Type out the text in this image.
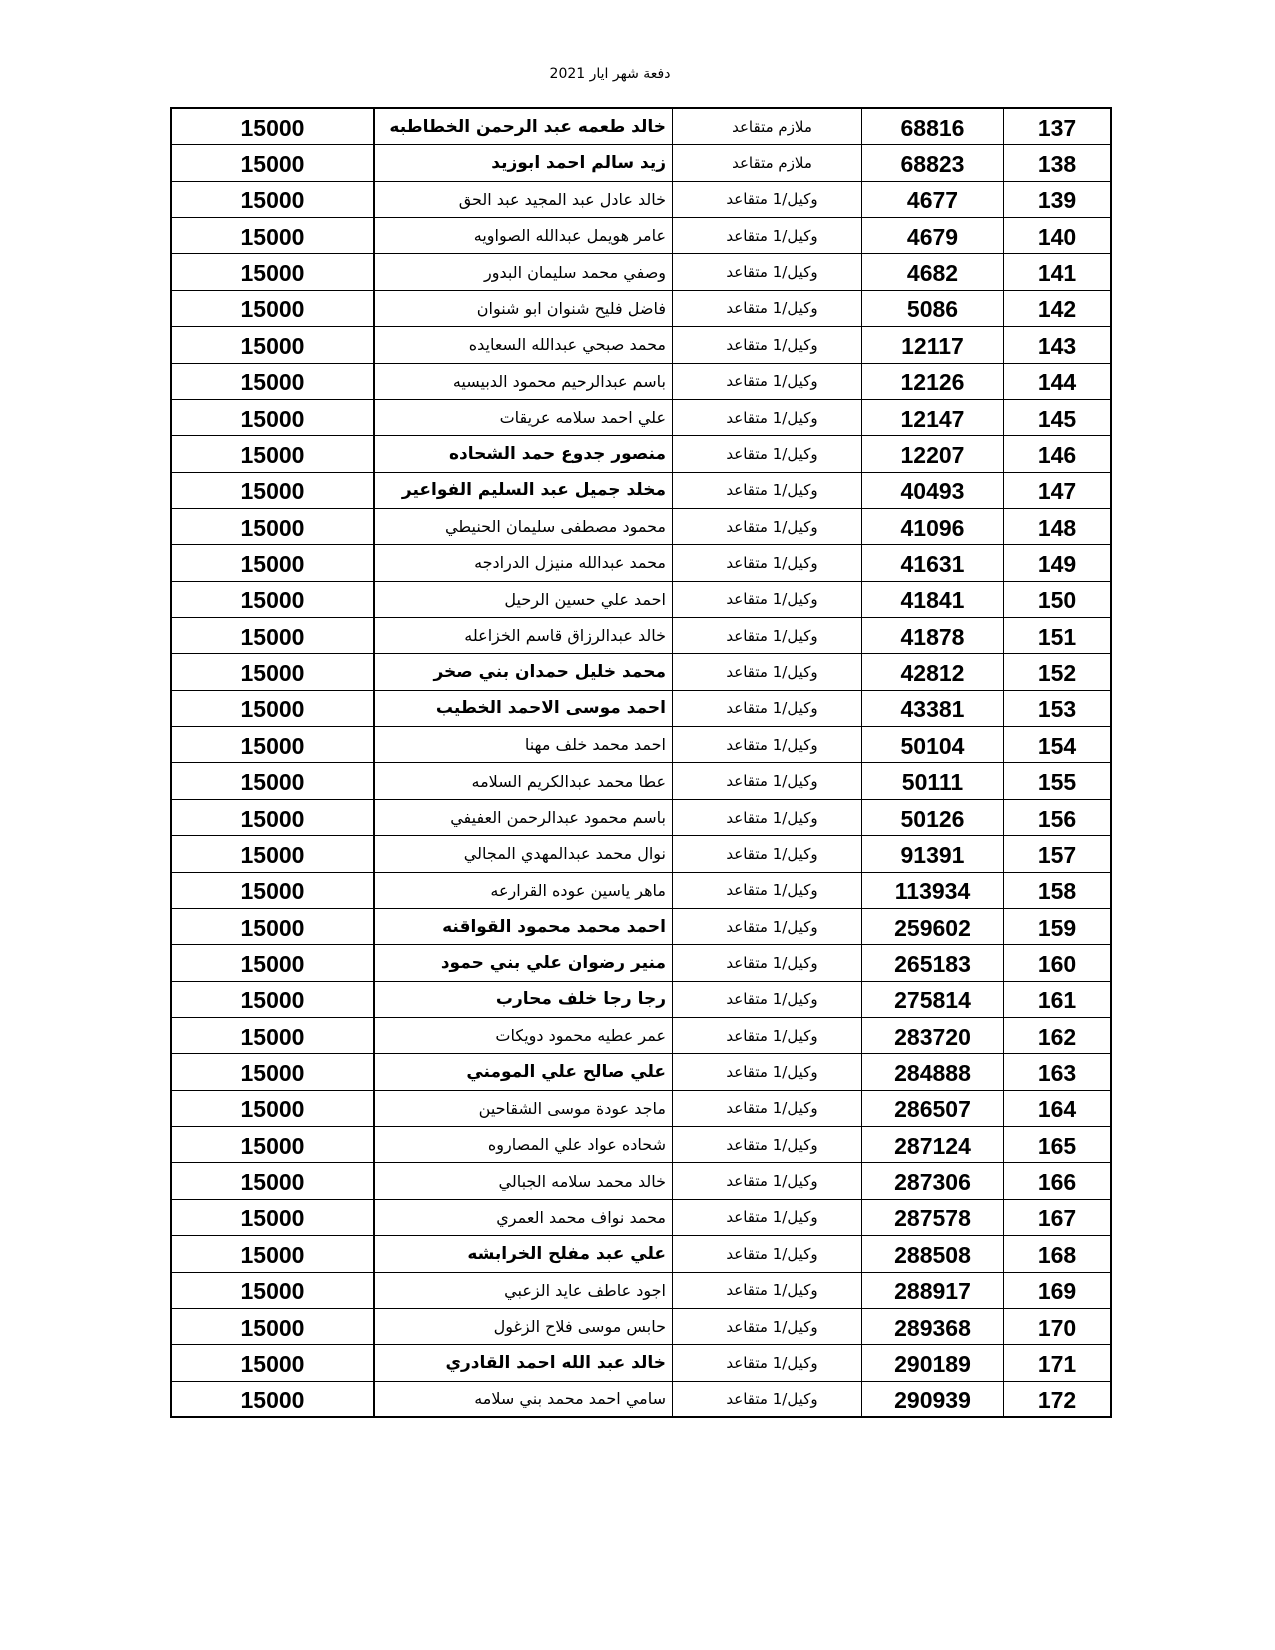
دفعة شهر ايار 2021
15000	خالد طعمه عبد الرحمن الخطاطبه	ملازم متقاعد	68816	137
15000	زيد سالم احمد ابوزيد	ملازم متقاعد	68823	138
15000	خالد عادل عبد المجيد عبد الحق	وكيل/1 متقاعد	4677	139
15000	عامر هويمل عبدالله الصواويه	وكيل/1 متقاعد	4679	140
15000	وصفي محمد سليمان البدور	وكيل/1 متقاعد	4682	141
15000	فاضل فليح شنوان ابو شنوان	وكيل/1 متقاعد	5086	142
15000	محمد صبحي عبدالله السعايده	وكيل/1 متقاعد	12117	143
15000	باسم عبدالرحيم محمود الدبيسيه	وكيل/1 متقاعد	12126	144
15000	علي احمد سلامه عريقات	وكيل/1 متقاعد	12147	145
15000	منصور جدوع حمد الشحاده	وكيل/1 متقاعد	12207	146
15000	مخلد جميل عبد السليم الفواعير	وكيل/1 متقاعد	40493	147
15000	محمود مصطفى سليمان الحنيطي	وكيل/1 متقاعد	41096	148
15000	محمد عبدالله منيزل الدرادجه	وكيل/1 متقاعد	41631	149
15000	احمد علي حسين الرحيل	وكيل/1 متقاعد	41841	150
15000	خالد عبدالرزاق قاسم الخزاعله	وكيل/1 متقاعد	41878	151
15000	محمد خليل حمدان بني صخر	وكيل/1 متقاعد	42812	152
15000	احمد موسى الاحمد الخطيب	وكيل/1 متقاعد	43381	153
15000	احمد محمد خلف مهنا	وكيل/1 متقاعد	50104	154
15000	عطا محمد عبدالكريم السلامه	وكيل/1 متقاعد	50111	155
15000	باسم محمود عبدالرحمن العفيفي	وكيل/1 متقاعد	50126	156
15000	نوال محمد عبدالمهدي المجالي	وكيل/1 متقاعد	91391	157
15000	ماهر ياسين عوده القرارعه	وكيل/1 متقاعد	113934	158
15000	احمد محمد محمود القواقنه	وكيل/1 متقاعد	259602	159
15000	منير رضوان علي بني حمود	وكيل/1 متقاعد	265183	160
15000	رجا رجا خلف محارب	وكيل/1 متقاعد	275814	161
15000	عمر عطيه محمود دويكات	وكيل/1 متقاعد	283720	162
15000	علي صالح علي المومني	وكيل/1 متقاعد	284888	163
15000	ماجد عودة موسى الشقاحين	وكيل/1 متقاعد	286507	164
15000	شحاده عواد علي المصاروه	وكيل/1 متقاعد	287124	165
15000	خالد محمد سلامه الجبالي	وكيل/1 متقاعد	287306	166
15000	محمد نواف محمد العمري	وكيل/1 متقاعد	287578	167
15000	علي عبد مفلح الخرابشه	وكيل/1 متقاعد	288508	168
15000	اجود عاطف عايد الزعبي	وكيل/1 متقاعد	288917	169
15000	حابس موسى فلاح الزغول	وكيل/1 متقاعد	289368	170
15000	خالد عبد الله احمد القادري	وكيل/1 متقاعد	290189	171
15000	سامي احمد محمد بني سلامه	وكيل/1 متقاعد	290939	172
